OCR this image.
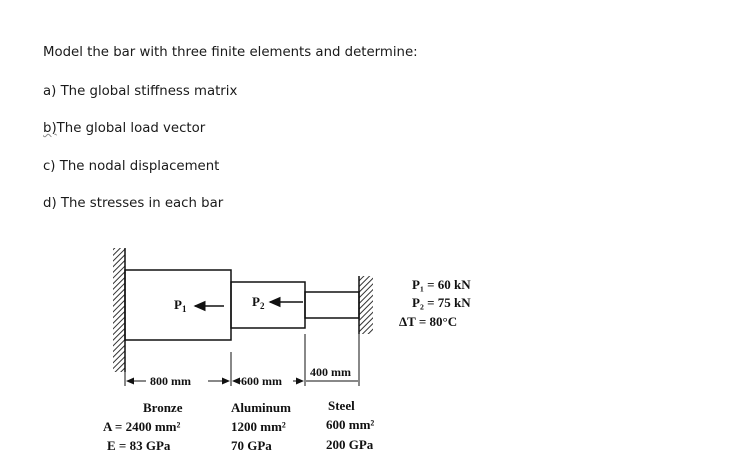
Model the bar with three finite elements and determine:
a) The global stiffness matrix
b)The global load vector
c) The nodal displacement
d) The stresses in each bar
$P_1$	$P_2$
P₁ = 60 kN
P₂ = 75 kN
ΔT = 80°C
800 mm	600 mm
400 mm
Bronze
A = 2400 mm²
E = 83 GPa
Aluminum
1200 mm²
70 GPa
Steel
600 mm²
200 GPa
